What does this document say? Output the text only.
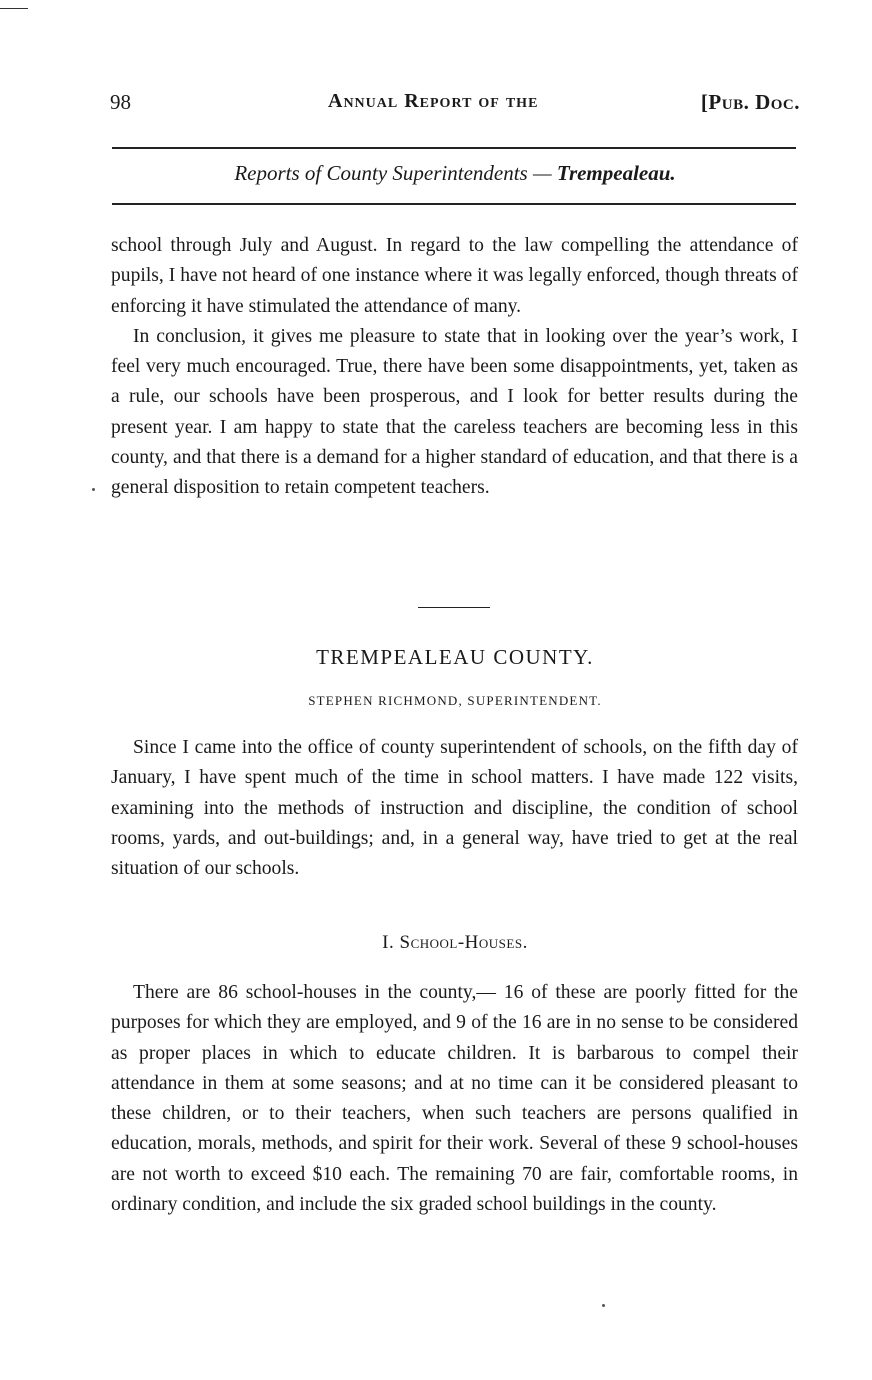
98	Annual Report of the	[Pub. Doc.
Reports of County Superintendents — Trempealeau.

school through July and August. In regard to the law compelling the attendance of pupils, I have not heard of one instance where it was legally enforced, though threats of enforcing it have stimulated the attendance of many.

In conclusion, it gives me pleasure to state that in looking over the year’s work, I feel very much encouraged. True, there have been some disappointments, yet, taken as a rule, our schools have been prosperous, and I look for better results during the present year. I am happy to state that the careless teachers are becoming less in this county, and that there is a demand for a higher standard of education, and that there is a general disposition to retain competent teachers.

TREMPEALEAU COUNTY.
STEPHEN RICHMOND, SUPERINTENDENT.

Since I came into the office of county superintendent of schools, on the fifth day of January, I have spent much of the time in school matters. I have made 122 visits, examining into the methods of instruction and discipline, the condition of school rooms, yards, and out-buildings; and, in a general way, have tried to get at the real situation of our schools.

I. School-Houses.

There are 86 school-houses in the county,— 16 of these are poorly fitted for the purposes for which they are employed, and 9 of the 16 are in no sense to be considered as proper places in which to educate children. It is barbarous to compel their attendance in them at some seasons; and at no time can it be considered pleasant to these children, or to their teachers, when such teachers are persons qualified in education, morals, methods, and spirit for their work. Several of these 9 school-houses are not worth to exceed $10 each. The remaining 70 are fair, comfortable rooms, in ordinary condition, and include the six graded school buildings in the county.
